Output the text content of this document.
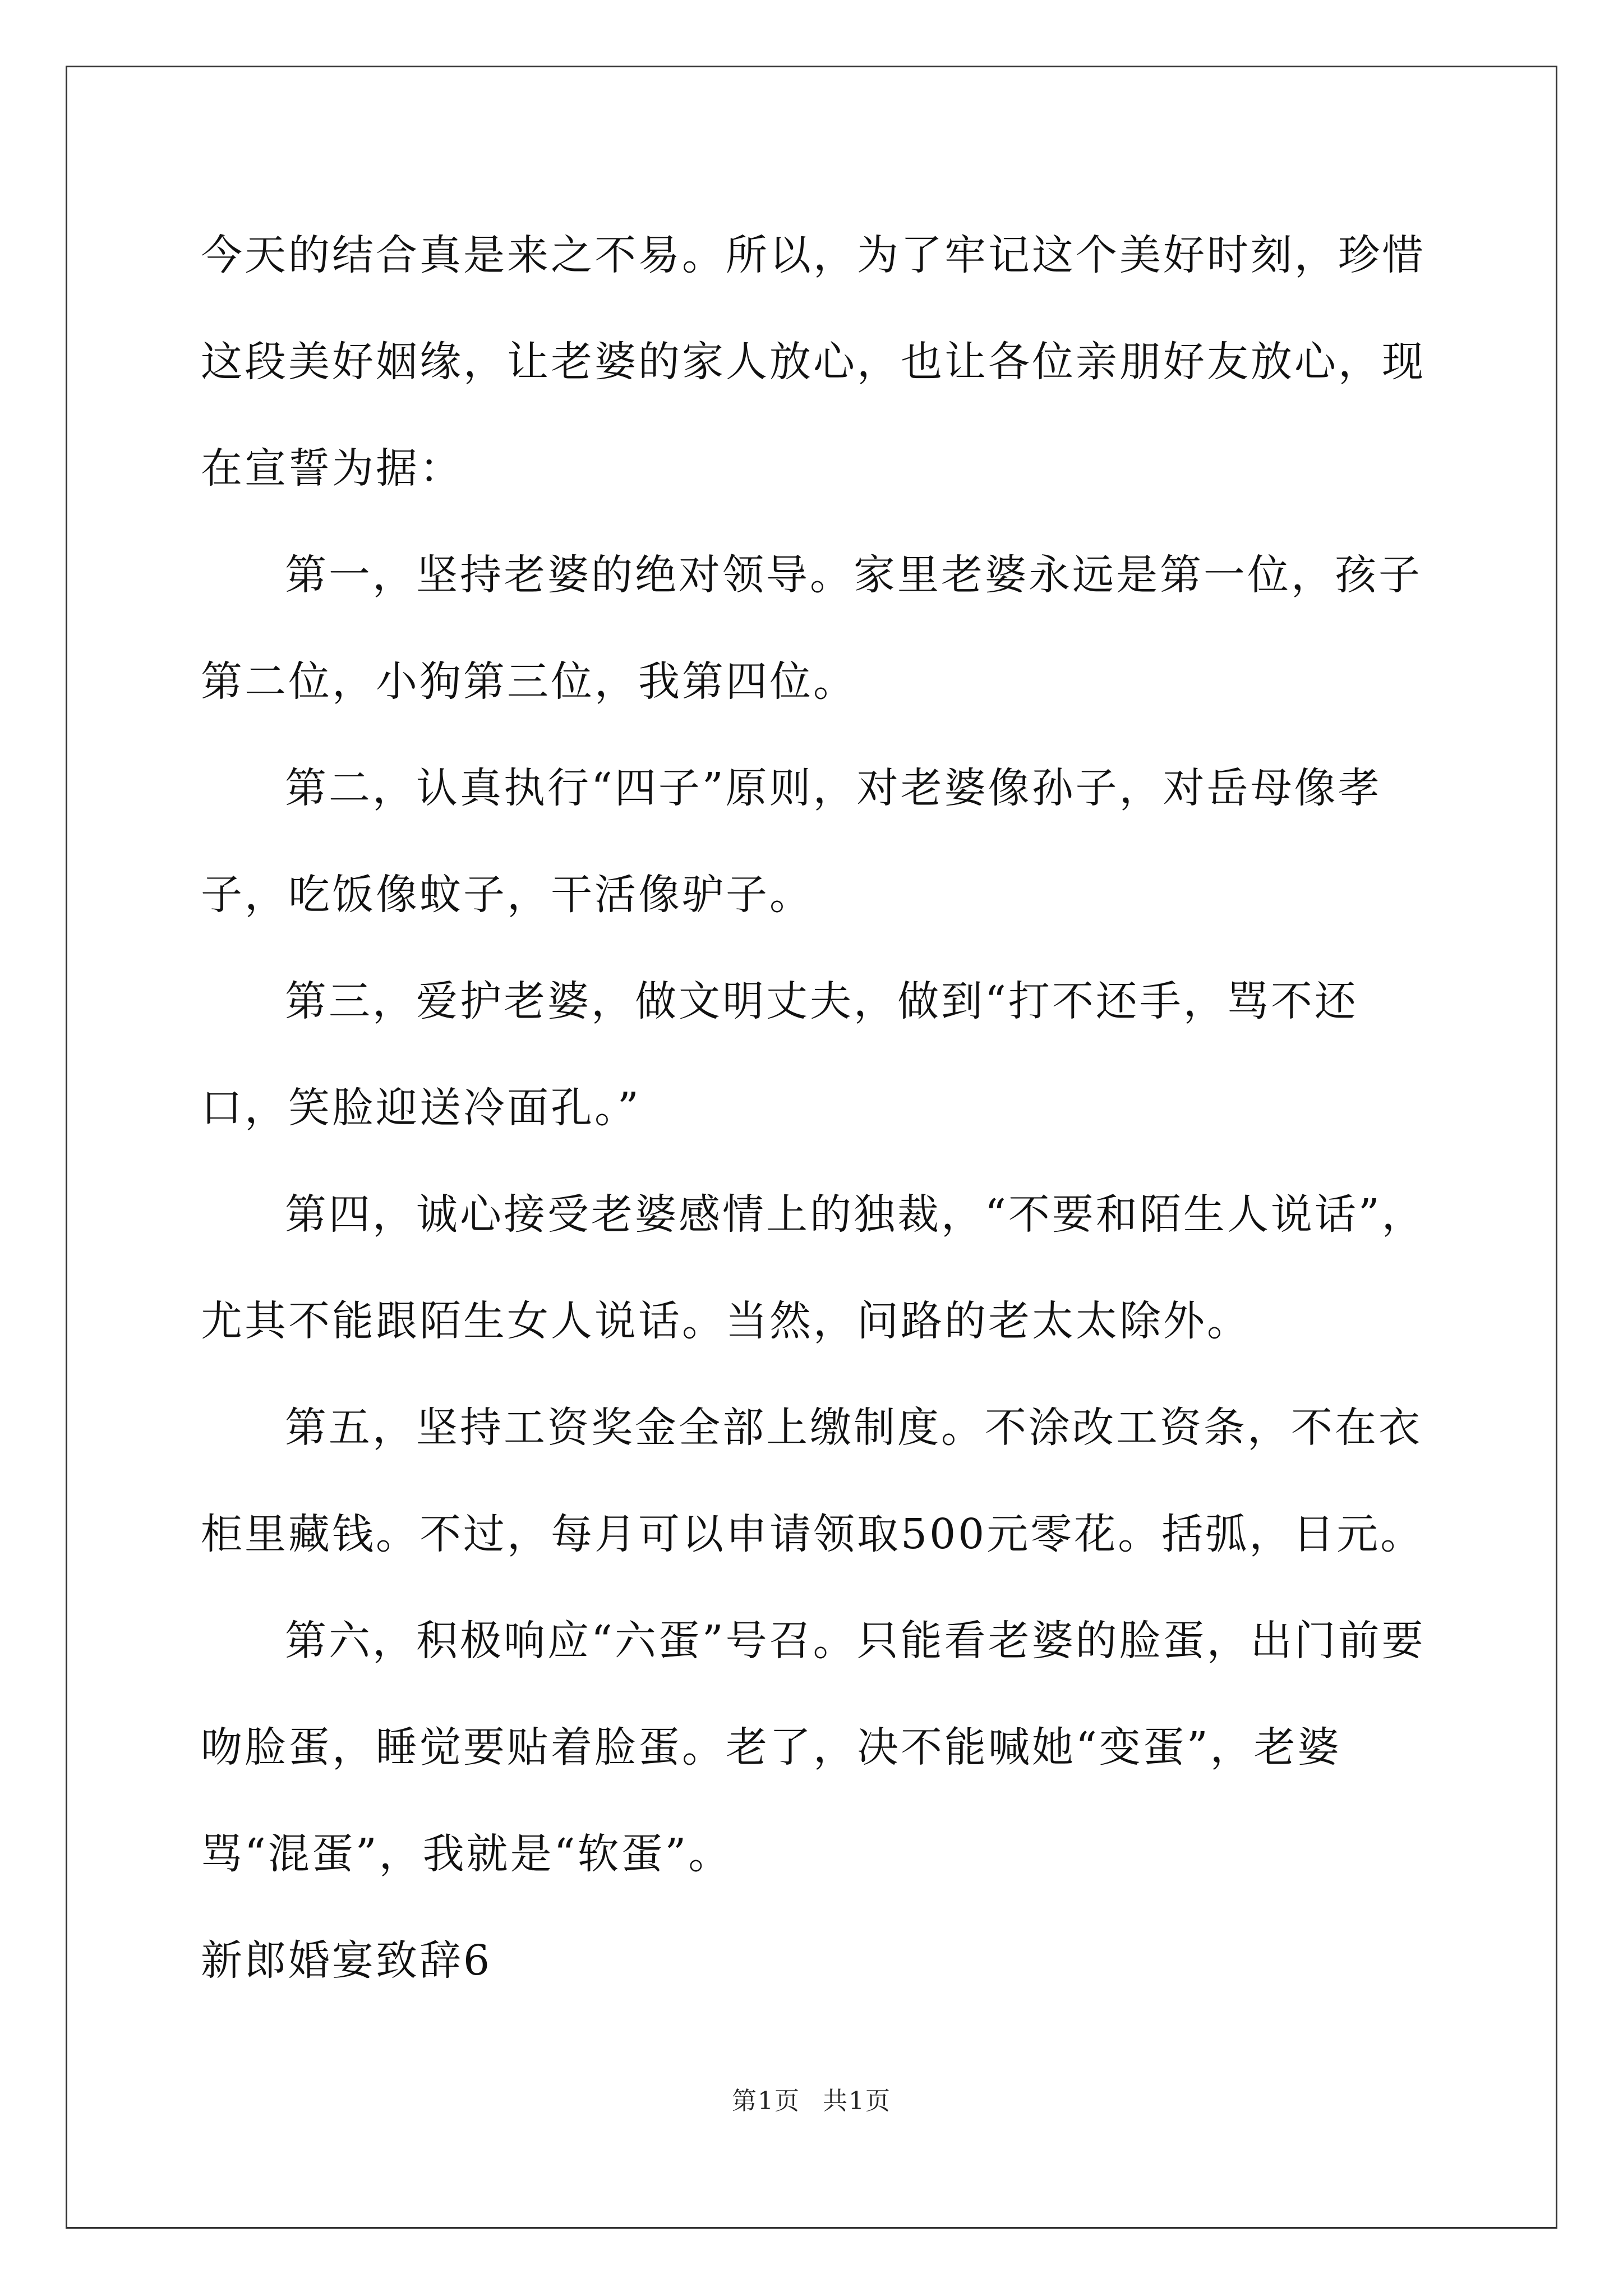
今天的结合真是来之不易。所以，为了牢记这个美好时刻，珍惜这段美好姻缘，让老婆的家人放心，也让各位亲朋好友放心，现在宣誓为据：

第一，坚持老婆的绝对领导。家里老婆永远是第一位，孩子第二位，小狗第三位，我第四位。

第二，认真执行“四子”原则，对老婆像孙子，对岳母像孝子，吃饭像蚊子，干活像驴子。

第三，爱护老婆，做文明丈夫，做到“打不还手，骂不还口，笑脸迎送冷面孔。”

第四，诚心接受老婆感情上的独裁，“不要和陌生人说话”，尤其不能跟陌生女人说话。当然，问路的老太太除外。

第五，坚持工资奖金全部上缴制度。不涂改工资条，不在衣柜里藏钱。不过，每月可以申请领取500元零花。括弧，日元。

第六，积极响应“六蛋”号召。只能看老婆的脸蛋，出门前要吻脸蛋，睡觉要贴着脸蛋。老了，决不能喊她“变蛋”，老婆骂“混蛋”，我就是“软蛋”。

新郎婚宴致辞6

第1页 共1页
